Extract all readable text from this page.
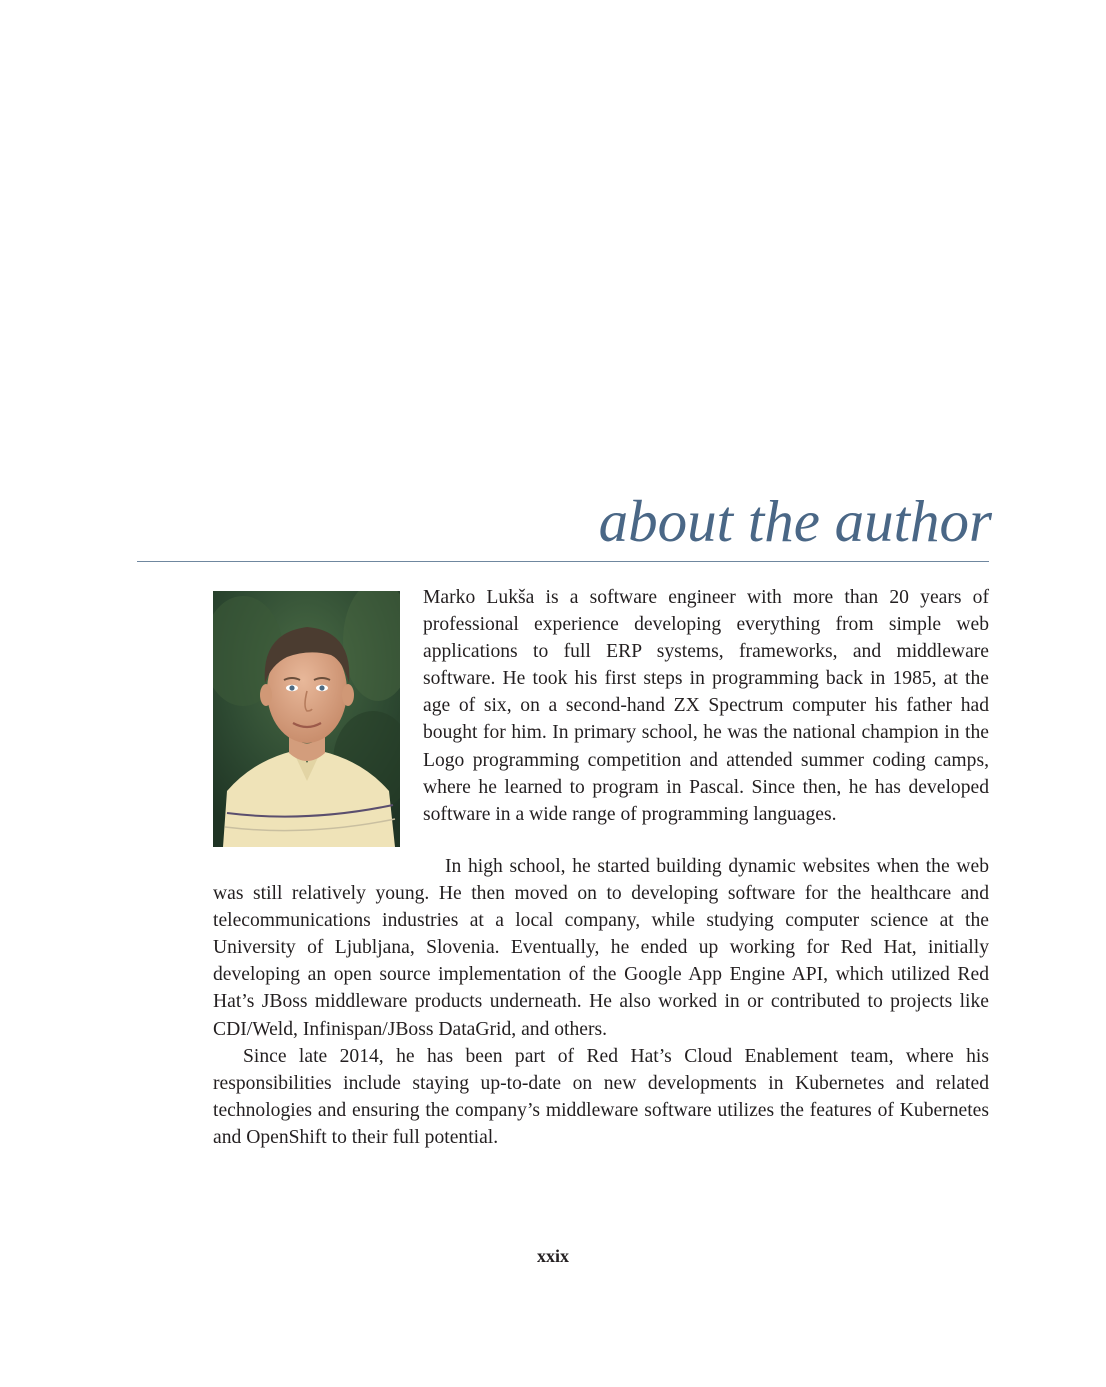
about the author

Marko Lukša is a software engineer with more than 20 years of professional experience developing everything from simple web applications to full ERP systems, frameworks, and middleware software. He took his first steps in programming back in 1985, at the age of six, on a second-hand ZX Spectrum computer his father had bought for him. In primary school, he was the national champion in the Logo programming competition and attended summer coding camps, where he learned to program in Pascal. Since then, he has developed software in a wide range of programming languages.

In high school, he started building dynamic websites when the web was still relatively young. He then moved on to developing software for the healthcare and telecommunications industries at a local company, while studying computer science at the University of Ljubljana, Slovenia. Eventually, he ended up working for Red Hat, initially developing an open source implementation of the Google App Engine API, which utilized Red Hat’s JBoss middleware products underneath. He also worked in or contributed to projects like CDI/Weld, Infinispan/JBoss DataGrid, and others.

Since late 2014, he has been part of Red Hat’s Cloud Enablement team, where his responsibilities include staying up-to-date on new developments in Kubernetes and related technologies and ensuring the company’s middleware software utilizes the features of Kubernetes and OpenShift to their full potential.

xxix
